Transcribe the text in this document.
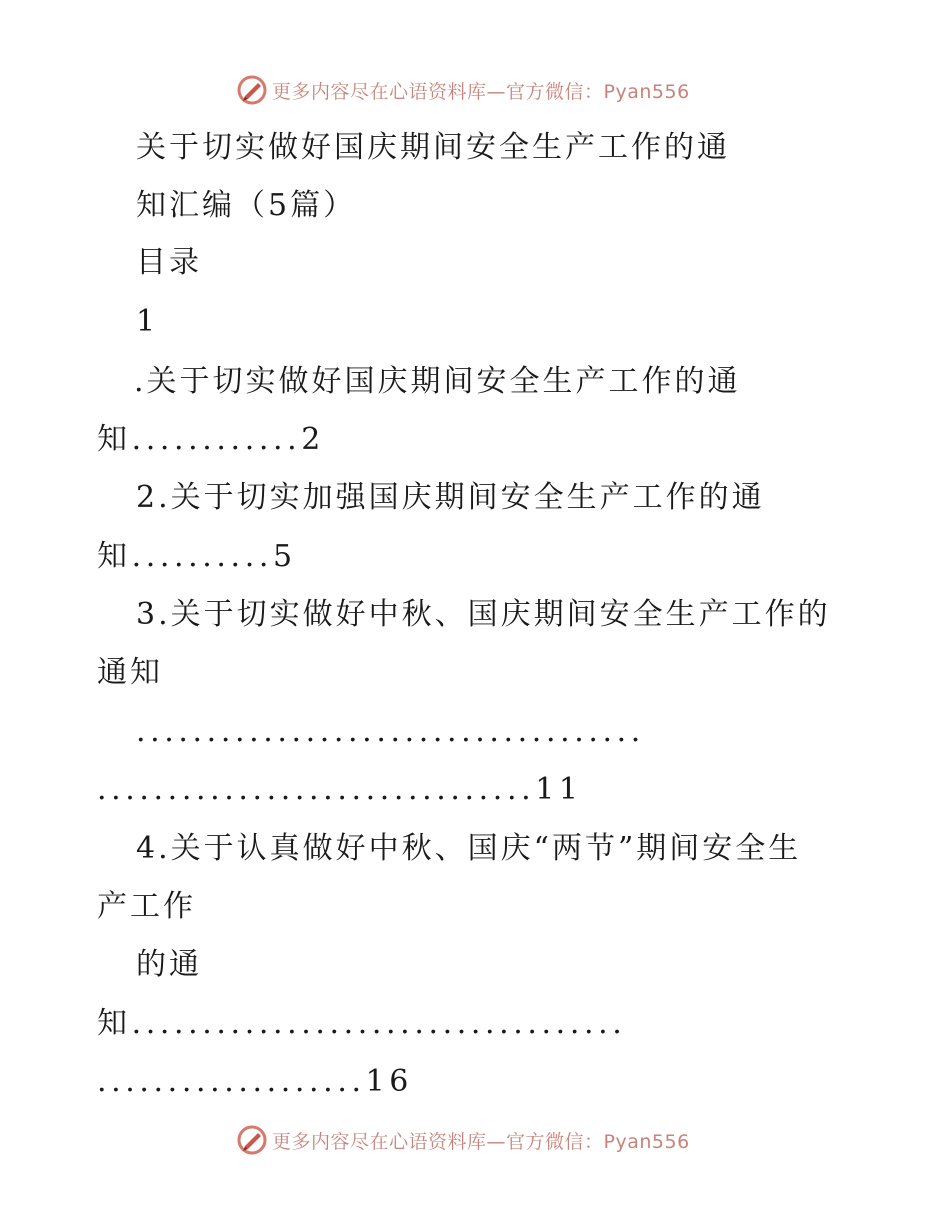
更多内容尽在心语资料库—官方微信：Pyan556
关于切实做好国庆期间安全生产工作的通
知汇编（5篇）
目录
1
.关于切实做好国庆期间安全生产工作的通
知............2
2.关于切实加强国庆期间安全生产工作的通
知..........5
3.关于切实做好中秋、国庆期间安全生产工作的
通知
....................................
...............................11
4.关于认真做好中秋、国庆“两节”期间安全生
产工作
的通
知...................................
...................16
更多内容尽在心语资料库—官方微信：Pyan556
